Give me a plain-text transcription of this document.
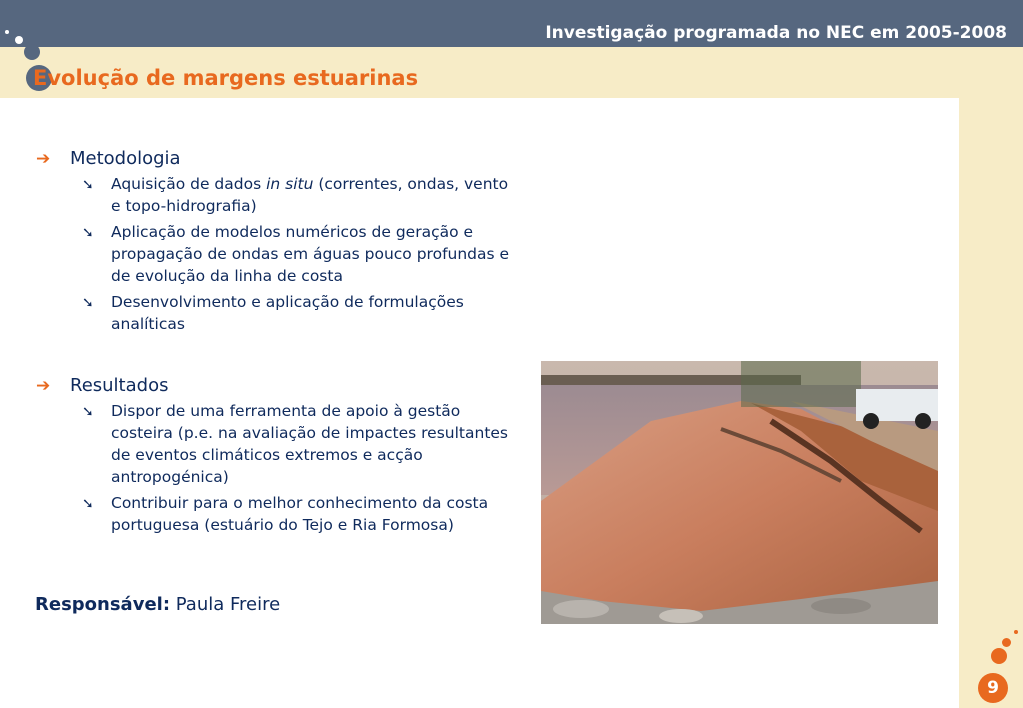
Investigação programada no NEC em 2005-2008
Evolução de margens estuarinas
➔	Metodologia
➘ Aquisição de dados in situ (correntes, ondas, vento e topo-hidrografia)
➘ Aplicação de modelos numéricos de geração e propagação de ondas em águas pouco profundas e de evolução da linha de costa
➘ Desenvolvimento e aplicação de formulações analíticas
➔	Resultados
➘ Dispor de uma ferramenta de apoio à gestão costeira (p.e. na avaliação de impactes resultantes de eventos climáticos extremos e acção antropogénica)
➘ Contribuir para o melhor conhecimento da costa portuguesa (estuário do Tejo e Ria Formosa)
Responsável: Paula Freire
9
